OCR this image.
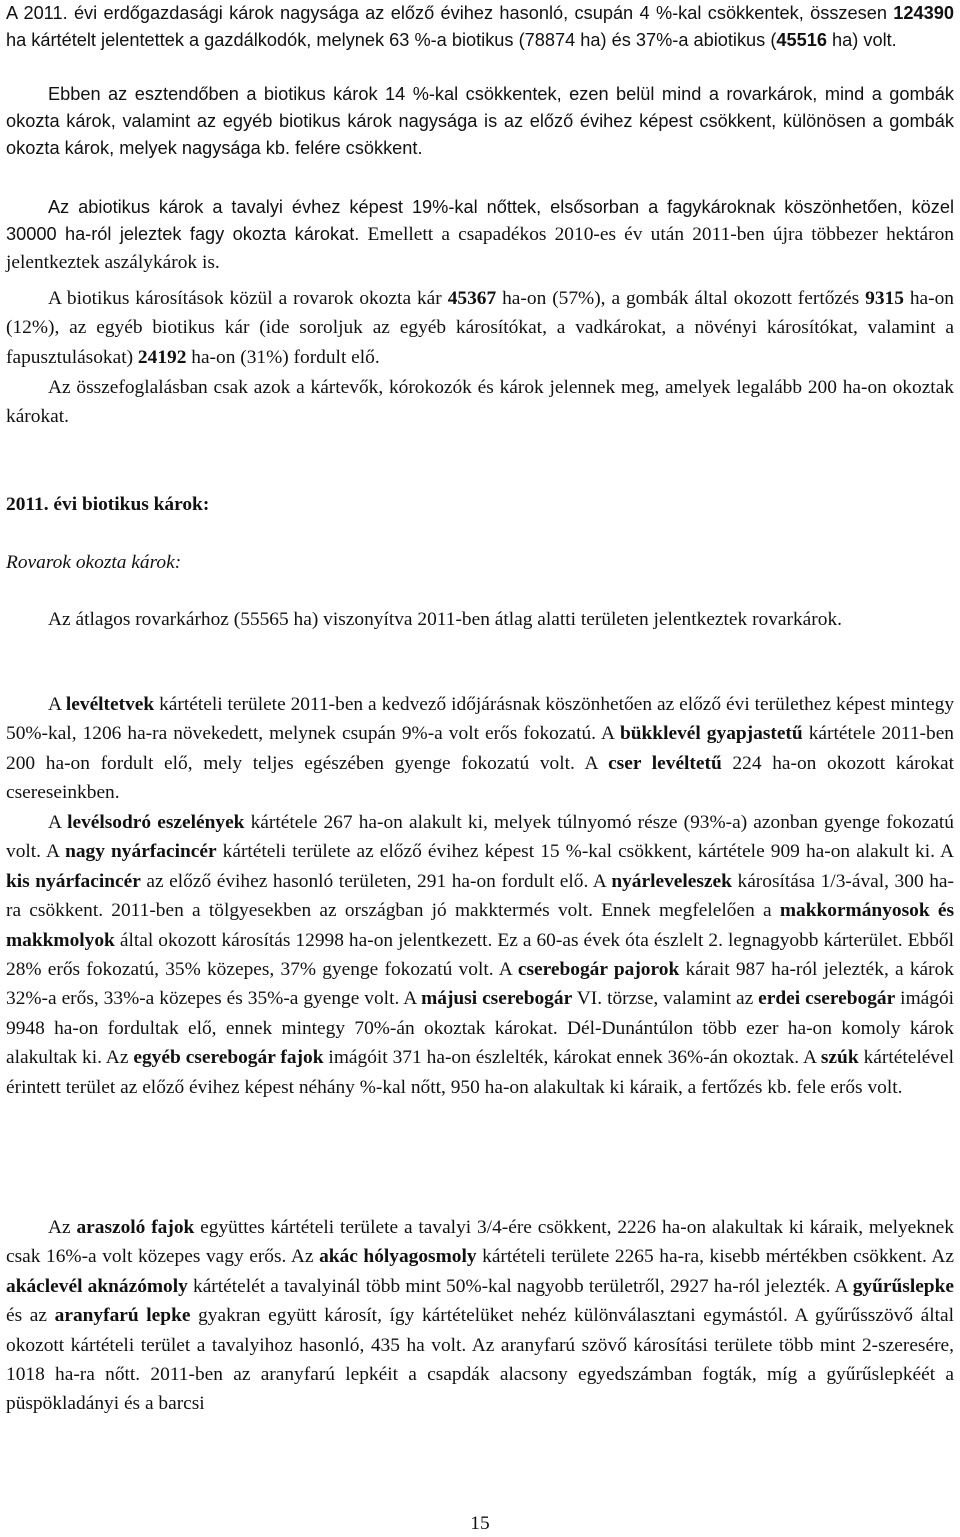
A 2011. évi erdőgazdasági károk nagysága az előző évihez hasonló, csupán 4 %-kal csökkentek, összesen 124390 ha kártételt jelentettek a gazdálkodók, melynek 63 %-a biotikus (78874 ha) és 37%-a abiotikus (45516 ha) volt.
Ebben az esztendőben a biotikus károk 14 %-kal csökkentek, ezen belül mind a rovarkárok, mind a gombák okozta károk, valamint az egyéb biotikus károk nagysága is az előző évihez képest csökkent, különösen a gombák okozta károk, melyek nagysága kb. felére csökkent.
Az abiotikus károk a tavalyi évhez képest 19%-kal nőttek, elsősorban a fagykároknak köszönhetően, közel 30000 ha-ról jeleztek fagy okozta károkat. Emellett a csapadékos 2010-es év után 2011-ben újra többezer hektáron jelentkeztek aszálykárok is.
A biotikus károsítások közül a rovarok okozta kár 45367 ha-on (57%), a gombák által okozott fertőzés 9315 ha-on (12%), az egyéb biotikus kár (ide soroljuk az egyéb károsítókat, a vadkárokat, a növényi károsítókat, valamint a fapusztulásokat) 24192 ha-on (31%) fordult elő.
Az összefoglalásban csak azok a kártevők, kórokozók és károk jelennek meg, amelyek legalább 200 ha-on okoztak károkat.
2011. évi biotikus károk:
Rovarok okozta károk:
Az átlagos rovarkárhoz (55565 ha) viszonyítva 2011-ben átlag alatti területen jelentkeztek rovarkárok.
A levéltetvek kártételi területe 2011-ben a kedvező időjárásnak köszönhetően az előző évi területhez képest mintegy 50%-kal, 1206 ha-ra növekedett, melynek csupán 9%-a volt erős fokozatú. A bükklevél gyapjastetű kártétele 2011-ben 200 ha-on fordult elő, mely teljes egészében gyenge fokozatú volt. A cser levéltetű 224 ha-on okozott károkat csereseinkben.
A levélsodró eszelények kártétele 267 ha-on alakult ki, melyek túlnyomó része (93%-a) azonban gyenge fokozatú volt. A nagy nyárfacincér kártételi területe az előző évihez képest 15 %-kal csökkent, kártétele 909 ha-on alakult ki. A kis nyárfacincér az előző évihez hasonló területen, 291 ha-on fordult elő. A nyárleveleszek károsítása 1/3-ával, 300 ha-ra csökkent. 2011-ben a tölgyesekben az országban jó makktermés volt. Ennek megfelelően a makkormányosok és makkmolyok által okozott károsítás 12998 ha-on jelentkezett. Ez a 60-as évek óta észlelt 2. legnagyobb kárterület. Ebből 28% erős fokozatú, 35% közepes, 37% gyenge fokozatú volt. A cserebogár pajorok kárait 987 ha-ról jelezték, a károk 32%-a erős, 33%-a közepes és 35%-a gyenge volt. A májusi cserebogár VI. törzse, valamint az erdei cserebogár imágói 9948 ha-on fordultak elő, ennek mintegy 70%-án okoztak károkat. Dél-Dunántúlon több ezer ha-on komoly károk alakultak ki. Az egyéb cserebogár fajok imágóit 371 ha-on észlelték, károkat ennek 36%-án okoztak. A szúk kártételével érintett terület az előző évihez képest néhány %-kal nőtt, 950 ha-on alakultak ki káraik, a fertőzés kb. fele erős volt.
Az araszoló fajok együttes kártételi területe a tavalyi 3/4-ére csökkent, 2226 ha-on alakultak ki káraik, melyeknek csak 16%-a volt közepes vagy erős. Az akác hólyagosmoly kártételi területe 2265 ha-ra, kisebb mértékben csökkent. Az akáclevél aknázómoly kártételét a tavalyinál több mint 50%-kal nagyobb területről, 2927 ha-ról jelezték. A gyűrűslepke és az aranyfarú lepke gyakran együtt károsít, így kártételüket nehéz különválasztani egymástól. A gyűrűsszövő által okozott kártételi terület a tavalyihoz hasonló, 435 ha volt. Az aranyfarú szövő károsítási területe több mint 2-szeresére, 1018 ha-ra nőtt. 2011-ben az aranyfarú lepkéit a csapdák alacsony egyedszámban fogták, míg a gyűrűslepkéét a püspökladányi és a barcsi
15
